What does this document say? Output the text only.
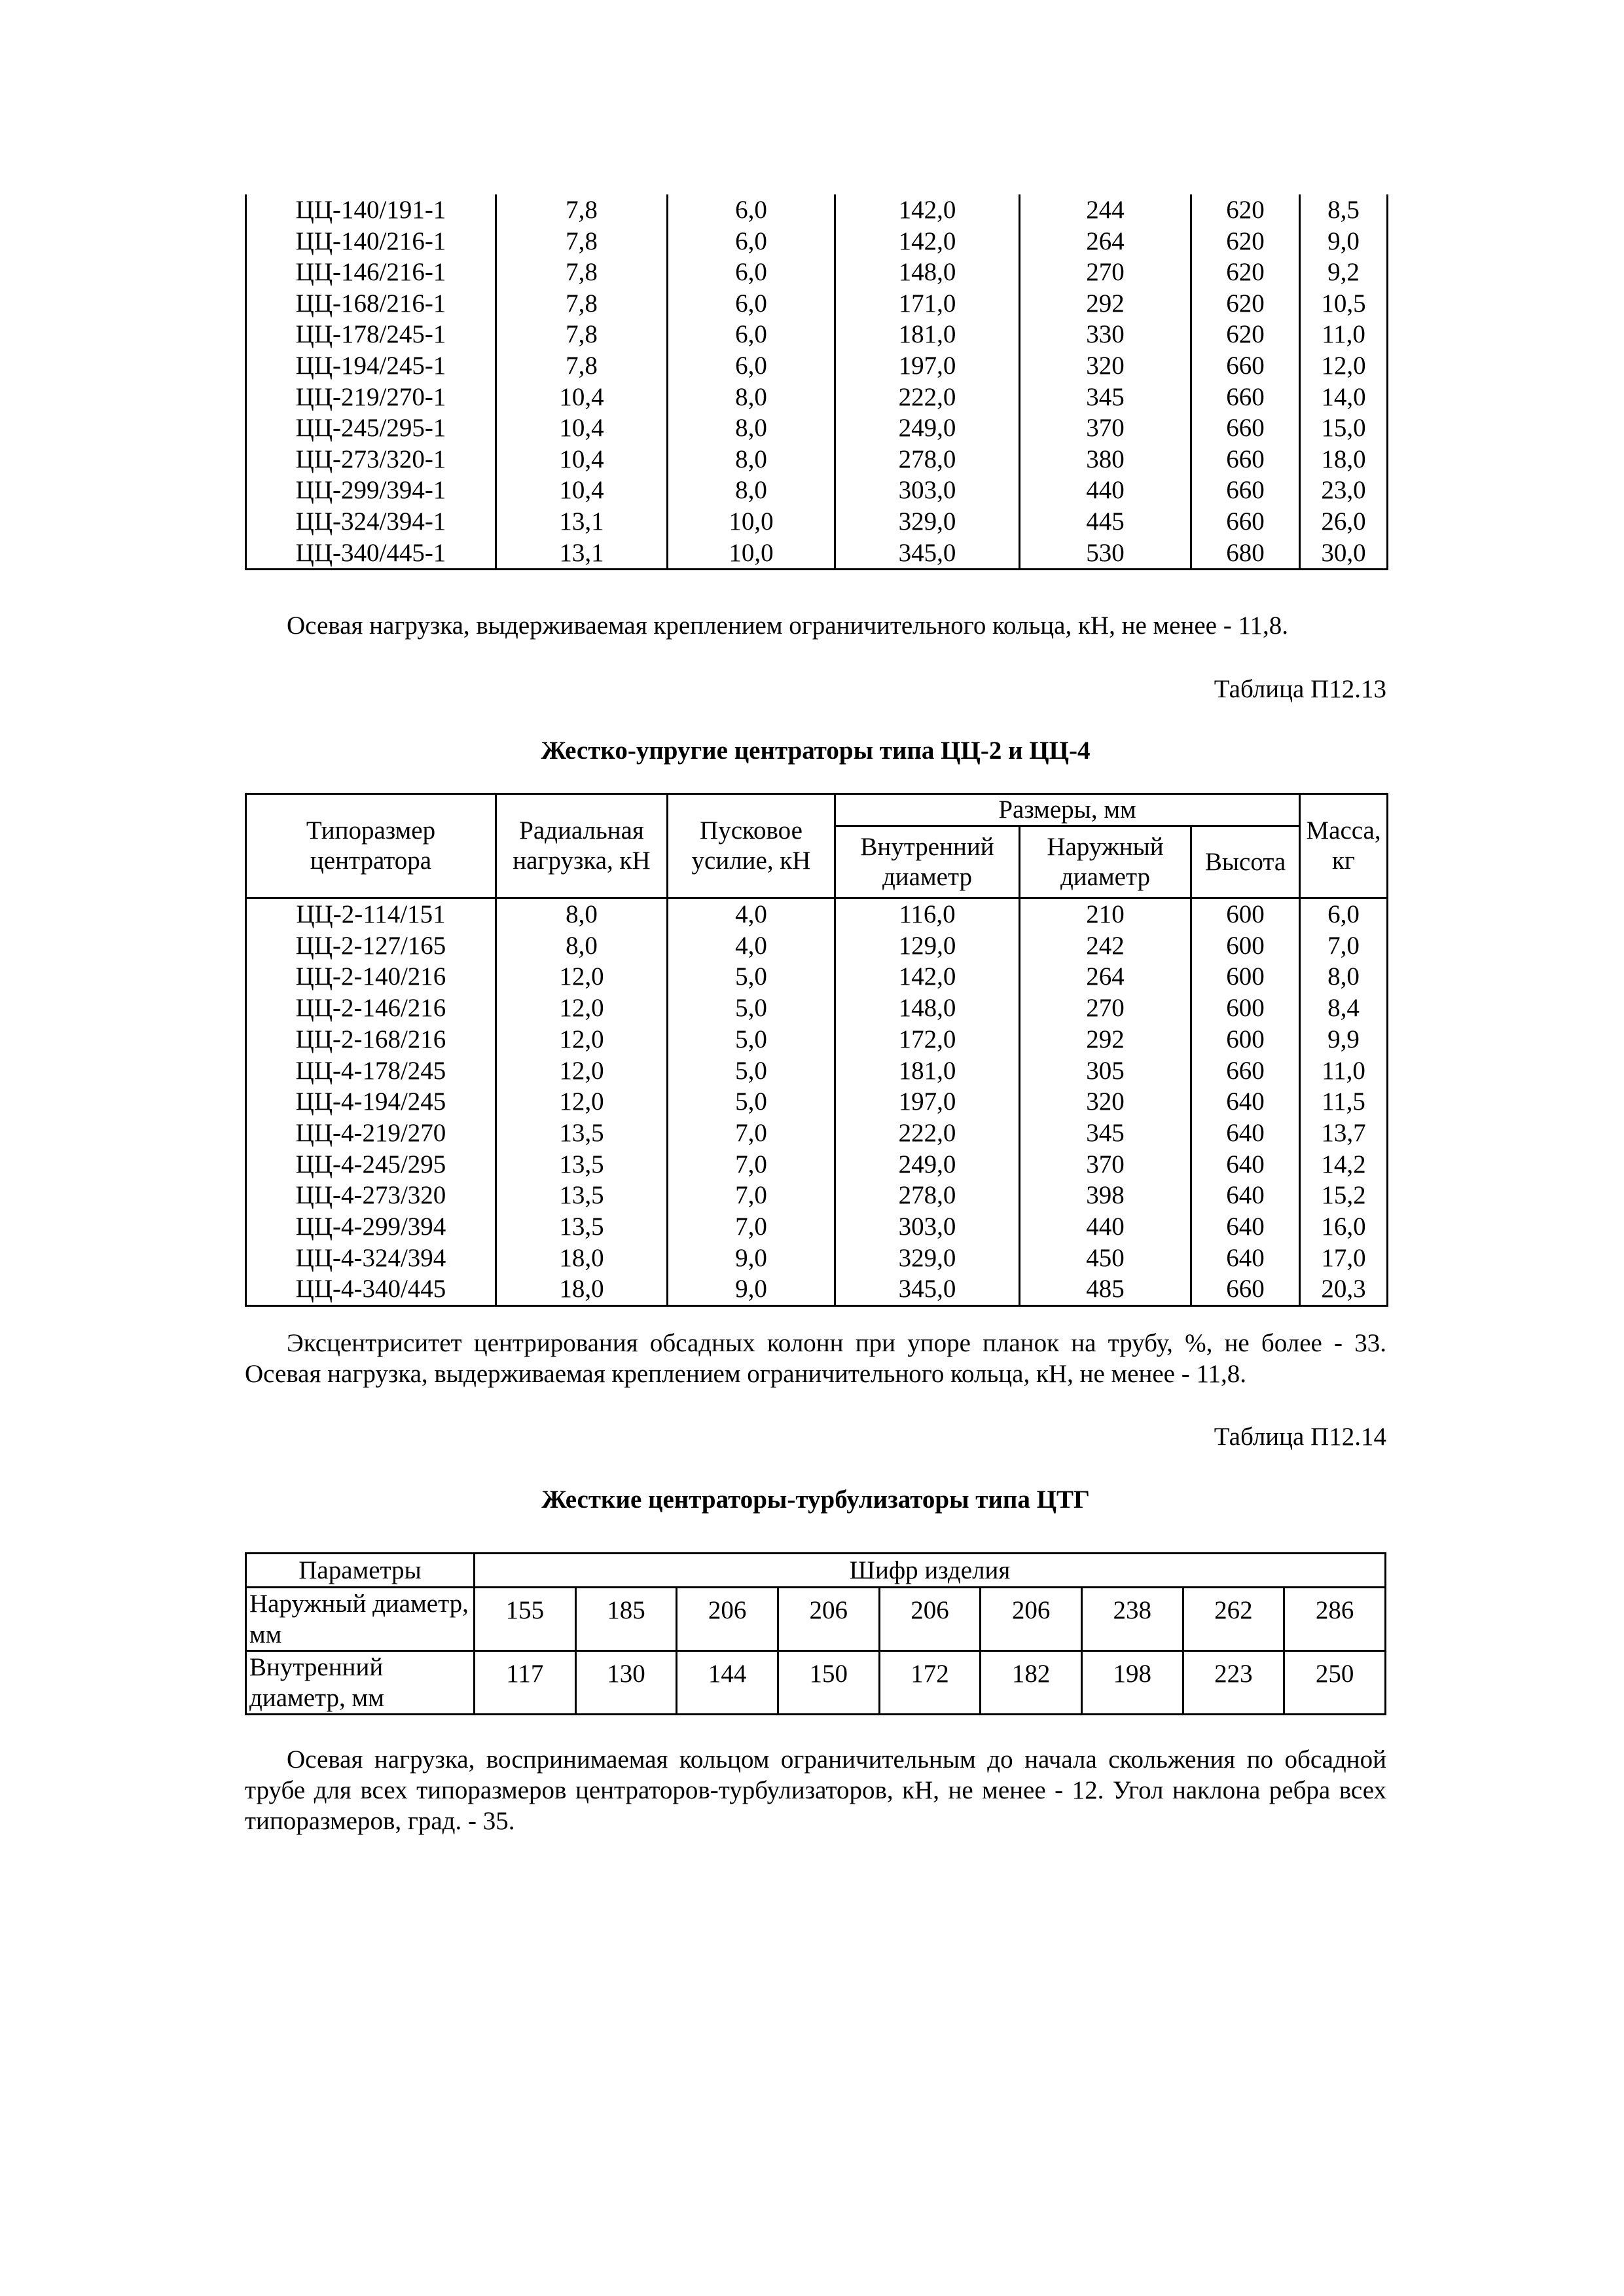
ЦЦ-140/191-1	7,8	6,0	142,0	244	620	8,5
ЦЦ-140/216-1	7,8	6,0	142,0	264	620	9,0
ЦЦ-146/216-1	7,8	6,0	148,0	270	620	9,2
ЦЦ-168/216-1	7,8	6,0	171,0	292	620	10,5
ЦЦ-178/245-1	7,8	6,0	181,0	330	620	11,0
ЦЦ-194/245-1	7,8	6,0	197,0	320	660	12,0
ЦЦ-219/270-1	10,4	8,0	222,0	345	660	14,0
ЦЦ-245/295-1	10,4	8,0	249,0	370	660	15,0
ЦЦ-273/320-1	10,4	8,0	278,0	380	660	18,0
ЦЦ-299/394-1	10,4	8,0	303,0	440	660	23,0
ЦЦ-324/394-1	13,1	10,0	329,0	445	660	26,0
ЦЦ-340/445-1	13,1	10,0	345,0	530	680	30,0
Осевая нагрузка, выдерживаемая креплением ограничительного кольца, кН, не менее - 11,8.
Таблица П12.13
Жестко-упругие центраторы типа ЦЦ-2 и ЦЦ-4
Типоразмер центратора	Радиальная нагрузка, кН	Пусковое усилие, кН	Размеры, мм			Масса, кг
			Внутренний диаметр	Наружный диаметр	Высота	
ЦЦ-2-114/151	8,0	4,0	116,0	210	600	6,0
ЦЦ-2-127/165	8,0	4,0	129,0	242	600	7,0
ЦЦ-2-140/216	12,0	5,0	142,0	264	600	8,0
ЦЦ-2-146/216	12,0	5,0	148,0	270	600	8,4
ЦЦ-2-168/216	12,0	5,0	172,0	292	600	9,9
ЦЦ-4-178/245	12,0	5,0	181,0	305	660	11,0
ЦЦ-4-194/245	12,0	5,0	197,0	320	640	11,5
ЦЦ-4-219/270	13,5	7,0	222,0	345	640	13,7
ЦЦ-4-245/295	13,5	7,0	249,0	370	640	14,2
ЦЦ-4-273/320	13,5	7,0	278,0	398	640	15,2
ЦЦ-4-299/394	13,5	7,0	303,0	440	640	16,0
ЦЦ-4-324/394	18,0	9,0	329,0	450	640	17,0
ЦЦ-4-340/445	18,0	9,0	345,0	485	660	20,3
Эксцентриситет центрирования обсадных колонн при упоре планок на трубу, %, не более - 33. Осевая нагрузка, выдерживаемая креплением ограничительного кольца, кН, не менее - 11,8.
Таблица П12.14
Жесткие центраторы-турбулизаторы типа ЦТГ
Параметры	Шифр изделия								
Наружный диаметр, мм	155	185	206	206	206	206	238	262	286
Внутренний диаметр, мм	117	130	144	150	172	182	198	223	250
Осевая нагрузка, воспринимаемая кольцом ограничительным до начала скольжения по обсадной трубе для всех типоразмеров центраторов-турбулизаторов, кН, не менее - 12. Угол наклона ребра всех типоразмеров, град. - 35.
